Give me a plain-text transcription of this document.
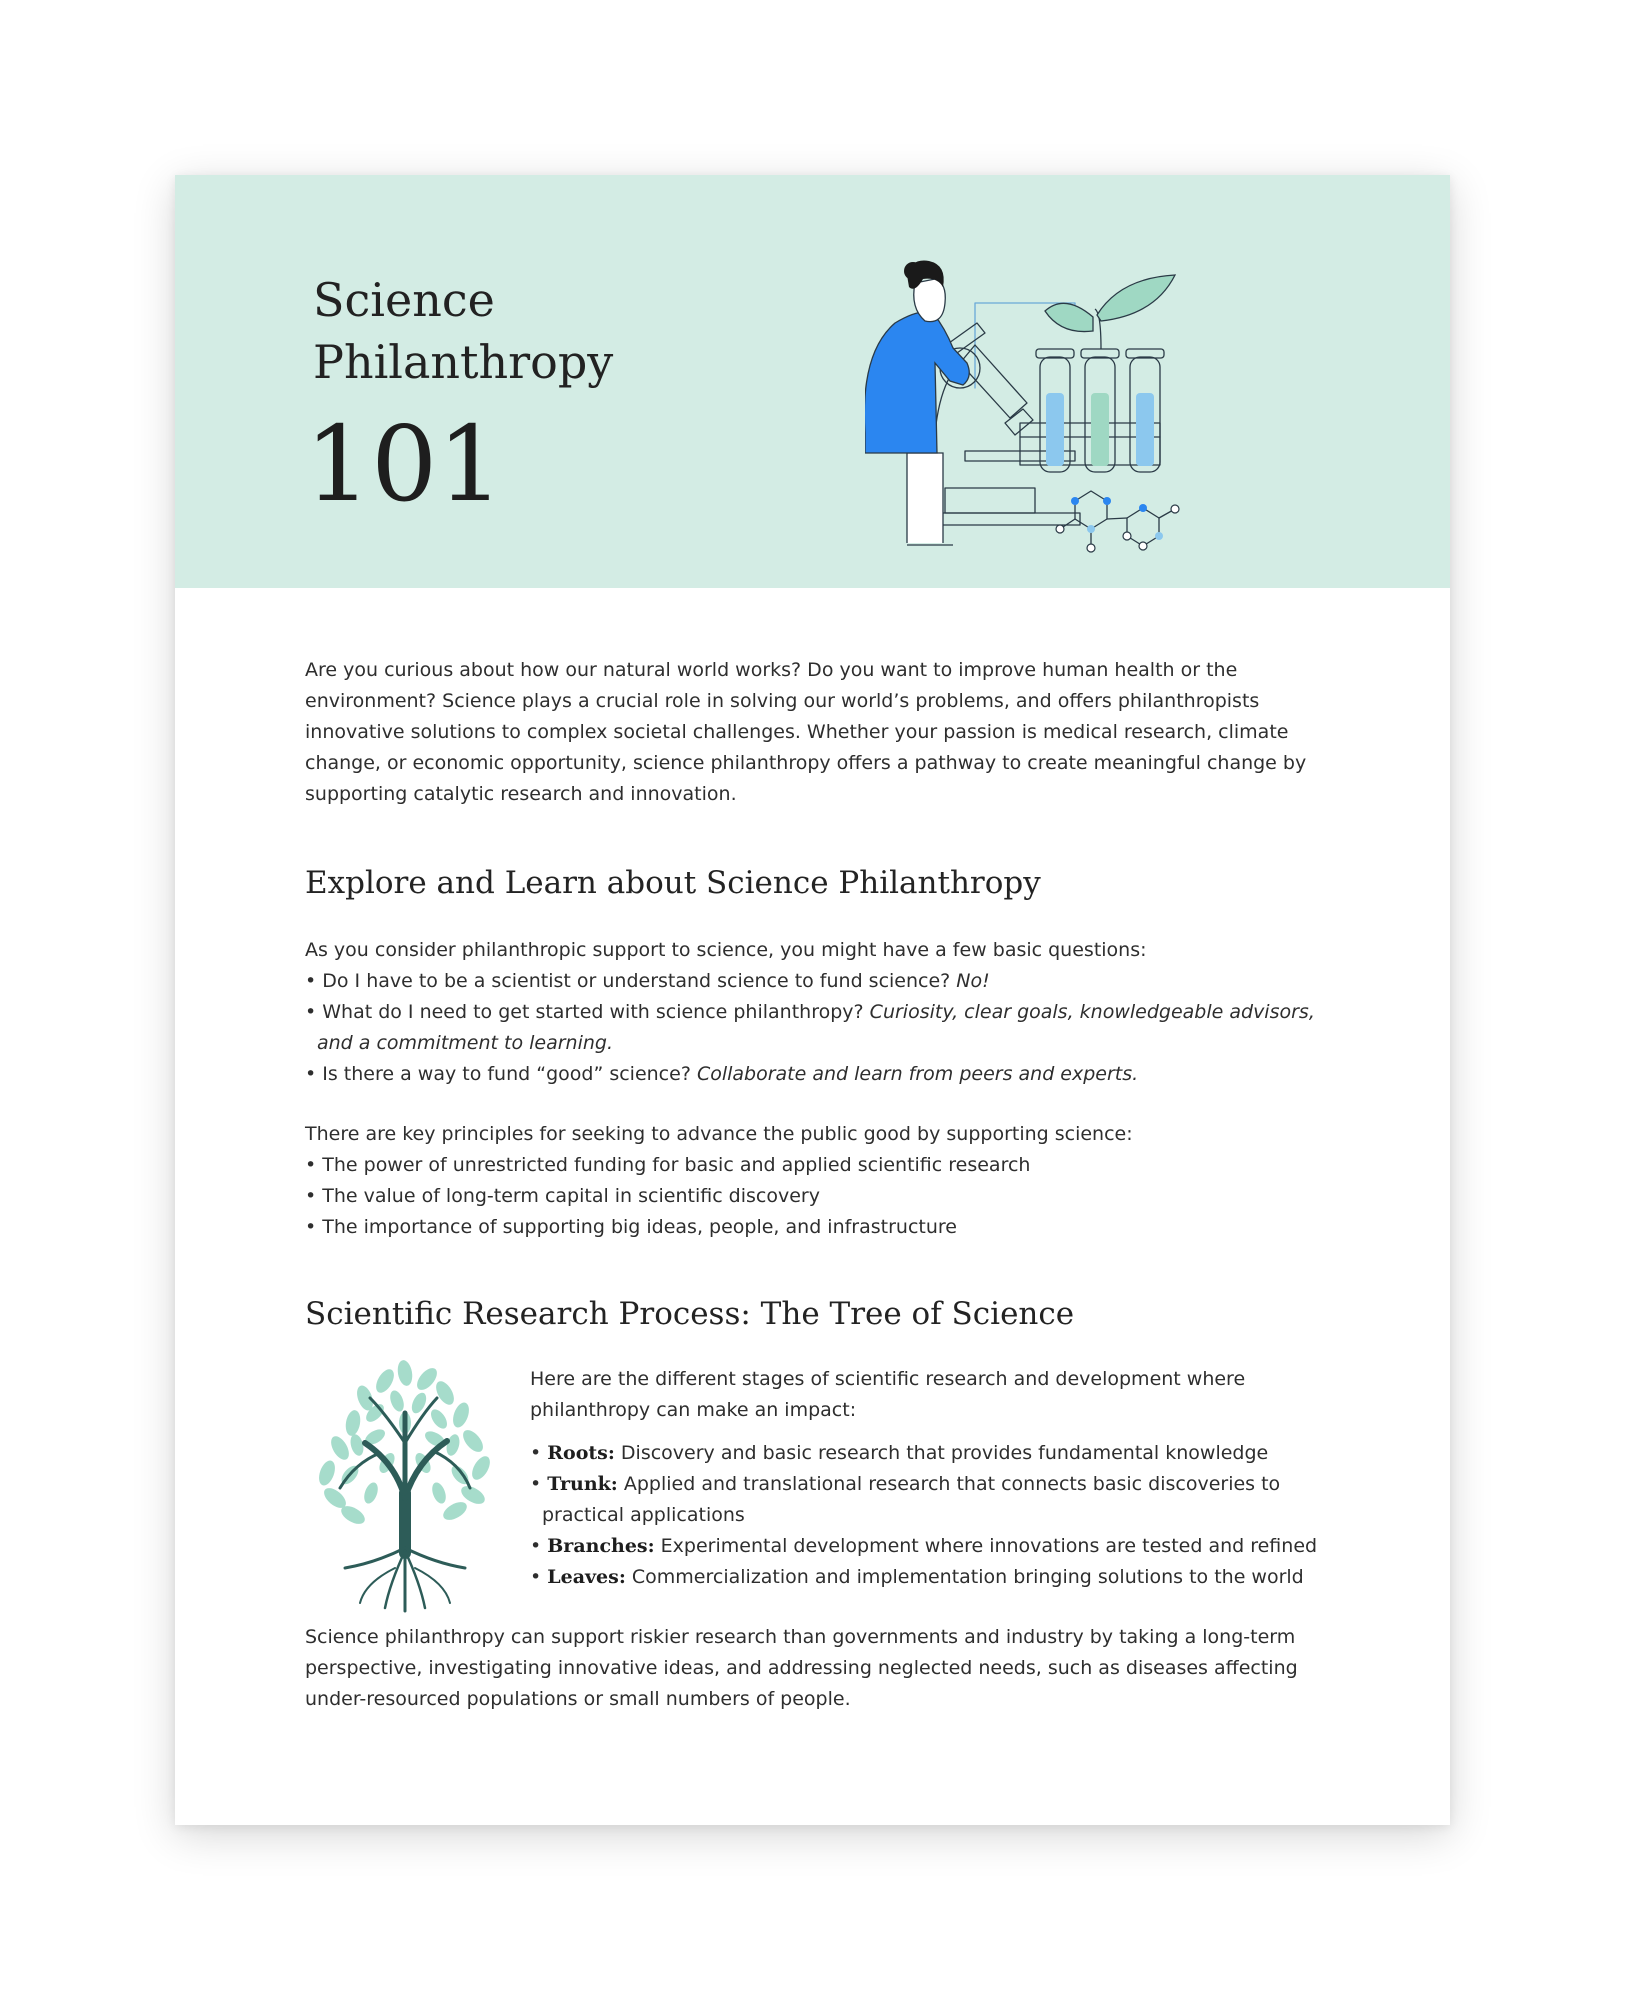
Science
Philanthropy
101

Are you curious about how our natural world works? Do you want to improve human health or the environment? Science plays a crucial role in solving our world’s problems, and offers philanthropists innovative solutions to complex societal challenges. Whether your passion is medical research, climate change, or economic opportunity, science philanthropy offers a pathway to create meaningful change by supporting catalytic research and innovation.

Explore and Learn about Science Philanthropy

As you consider philanthropic support to science, you might have a few basic questions:

• Do I have to be a scientist or understand science to fund science? No!
• What do I need to get started with science philanthropy? Curiosity, clear goals, knowledgeable advisors, and a commitment to learning.
• Is there a way to fund “good” science? Collaborate and learn from peers and experts.

There are key principles for seeking to advance the public good by supporting science:

• The power of unrestricted funding for basic and applied scientific research
• The value of long-term capital in scientific discovery
• The importance of supporting big ideas, people, and infrastructure
Scientific Research Process: The Tree of Science

Here are the different stages of scientific research and development where philanthropy can make an impact:

• Roots: Discovery and basic research that provides fundamental knowledge
• Trunk: Applied and translational research that connects basic discoveries to practical applications
• Branches: Experimental development where innovations are tested and refined
• Leaves: Commercialization and implementation bringing solutions to the world

Science philanthropy can support riskier research than governments and industry by taking a long-term perspective, investigating innovative ideas, and addressing neglected needs, such as diseases affecting under-resourced populations or small numbers of people.
